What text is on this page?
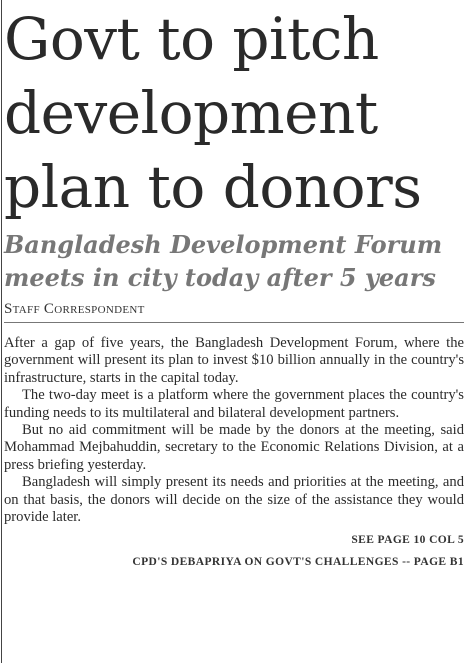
Govt to pitch
development
plan to donors
Bangladesh Development Forum
meets in city today after 5 years
Staff Correspondent

After a gap of five years, the Bangladesh Development Forum, where the government will present its plan to invest $10 billion annually in the country's infrastructure, starts in the capital today.

The two-day meet is a platform where the government places the country's funding needs to its multilateral and bilateral development partners.

But no aid commitment will be made by the donors at the meeting, said Mohammad Mejbahuddin, secretary to the Economic Relations Division, at a press briefing yesterday.

Bangladesh will simply present its needs and priorities at the meeting, and on that basis, the donors will decide on the size of the assistance they would provide later.

SEE PAGE 10 COL 5
CPD'S DEBAPRIYA ON GOVT'S CHALLENGES -- PAGE B1
